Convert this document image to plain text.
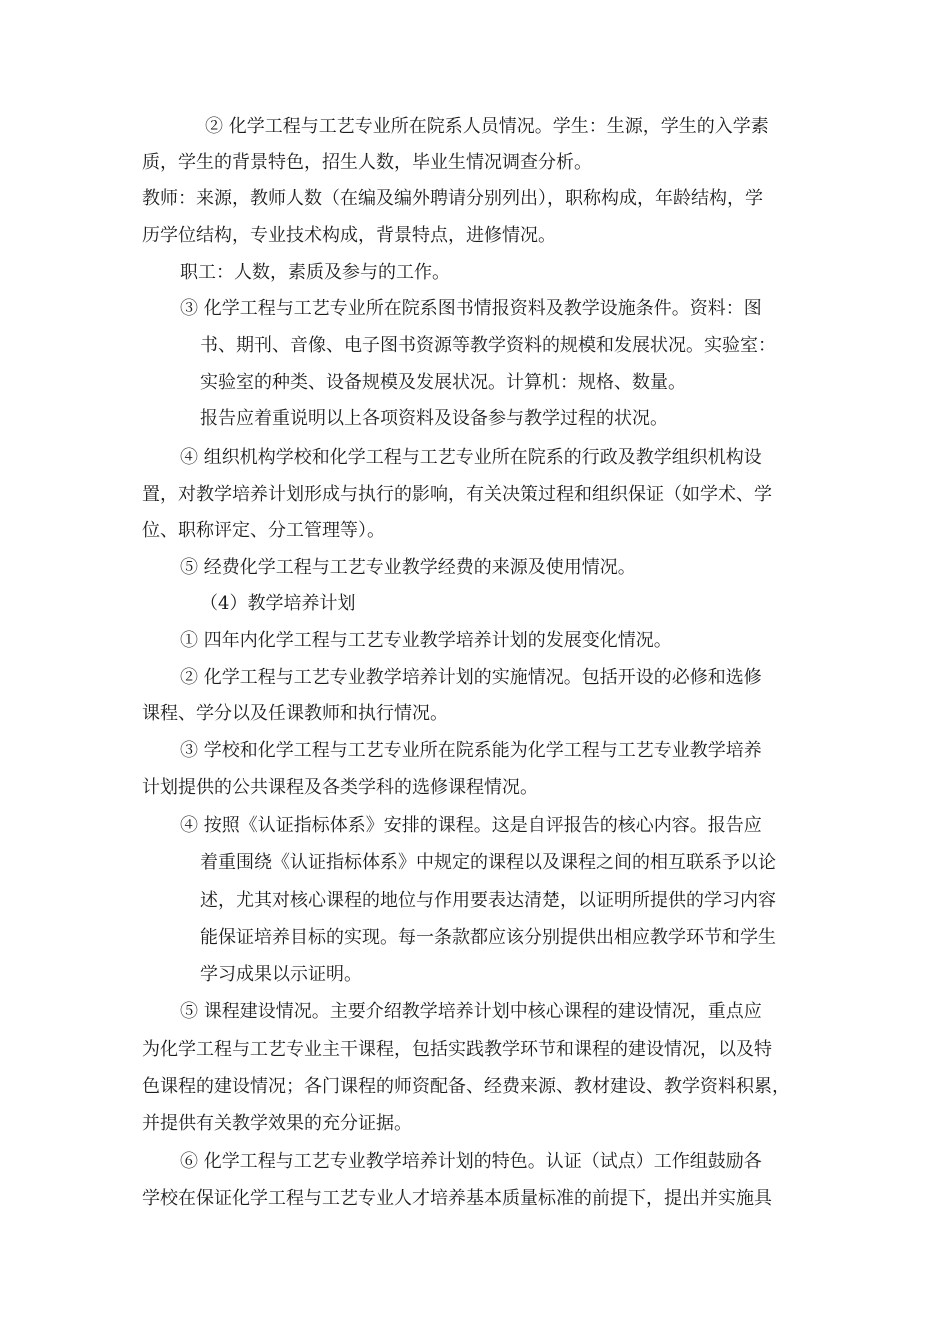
② 化学工程与工艺专业所在院系人员情况。学生：生源，学生的入学素
质，学生的背景特色，招生人数，毕业生情况调查分析。
教师：来源，教师人数（在编及编外聘请分别列出），职称构成，年龄结构，学
历学位结构，专业技术构成，背景特点，进修情况。
职工：人数，素质及参与的工作。
③ 化学工程与工艺专业所在院系图书情报资料及教学设施条件。资料：图
书、期刊、音像、电子图书资源等教学资料的规模和发展状况。实验室：
实验室的种类、设备规模及发展状况。计算机：规格、数量。
报告应着重说明以上各项资料及设备参与教学过程的状况。
④ 组织机构学校和化学工程与工艺专业所在院系的行政及教学组织机构设
置，对教学培养计划形成与执行的影响，有关决策过程和组织保证（如学术、学
位、职称评定、分工管理等）。
⑤ 经费化学工程与工艺专业教学经费的来源及使用情况。
（4）教学培养计划
① 四年内化学工程与工艺专业教学培养计划的发展变化情况。
② 化学工程与工艺专业教学培养计划的实施情况。包括开设的必修和选修
课程、学分以及任课教师和执行情况。
③ 学校和化学工程与工艺专业所在院系能为化学工程与工艺专业教学培养
计划提供的公共课程及各类学科的选修课程情况。
④ 按照《认证指标体系》安排的课程。这是自评报告的核心内容。报告应
着重围绕《认证指标体系》中规定的课程以及课程之间的相互联系予以论
述，尤其对核心课程的地位与作用要表达清楚，以证明所提供的学习内容
能保证培养目标的实现。每一条款都应该分别提供出相应教学环节和学生
学习成果以示证明。
⑤ 课程建设情况。主要介绍教学培养计划中核心课程的建设情况，重点应
为化学工程与工艺专业主干课程，包括实践教学环节和课程的建设情况，以及特
色课程的建设情况；各门课程的师资配备、经费来源、教材建设、教学资料积累，
并提供有关教学效果的充分证据。
⑥ 化学工程与工艺专业教学培养计划的特色。认证（试点）工作组鼓励各
学校在保证化学工程与工艺专业人才培养基本质量标准的前提下，提出并实施具
